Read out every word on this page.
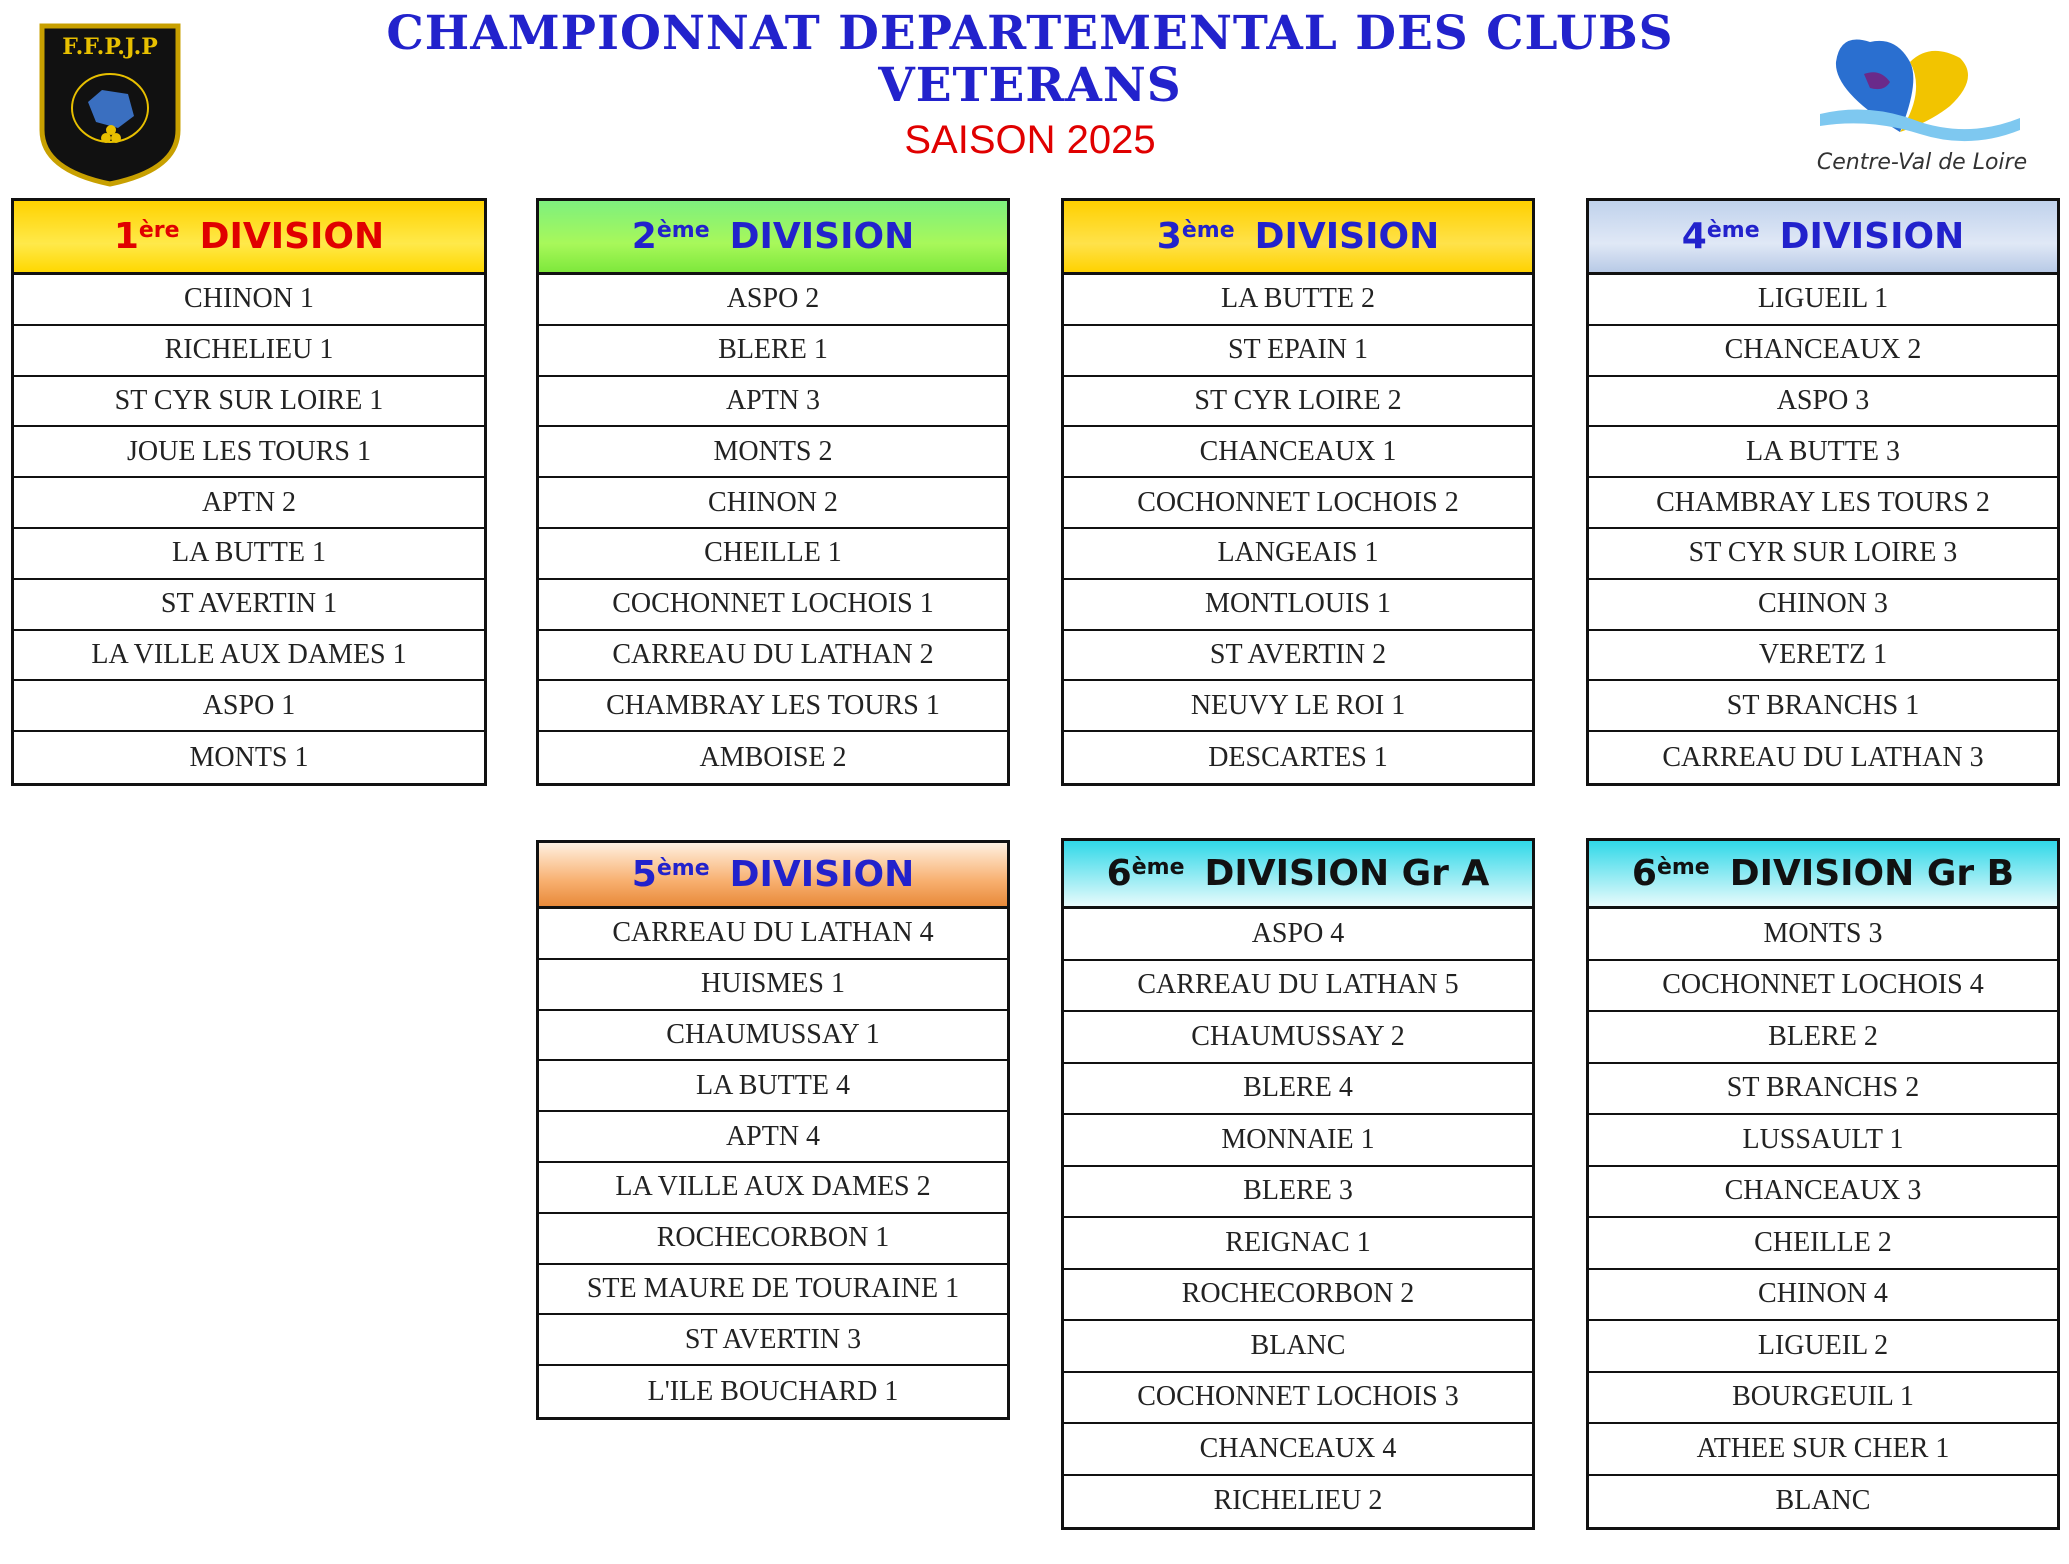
F.F.P.J.P	CHAMPIONNAT DEPARTEMENTAL DES CLUBS
VETERANS
SAISON 2025
Centre-Val de Loire
1ère DIVISION
CHINON 1
RICHELIEU 1
ST CYR SUR LOIRE 1
JOUE LES TOURS 1
APTN 2
LA BUTTE 1
ST AVERTIN 1
LA VILLE AUX DAMES 1
ASPO 1
MONTS 1
2ème DIVISION
ASPO 2
BLERE 1
APTN 3
MONTS 2
CHINON 2
CHEILLE 1
COCHONNET LOCHOIS 1
CARREAU DU LATHAN 2
CHAMBRAY LES TOURS 1
AMBOISE 2
3ème DIVISION
LA BUTTE 2
ST EPAIN 1
ST CYR LOIRE 2
CHANCEAUX 1
COCHONNET LOCHOIS 2
LANGEAIS 1
MONTLOUIS 1
ST AVERTIN 2
NEUVY LE ROI 1
DESCARTES 1
4ème DIVISION
LIGUEIL 1
CHANCEAUX 2
ASPO 3
LA BUTTE 3
CHAMBRAY LES TOURS 2
ST CYR SUR LOIRE 3
CHINON 3
VERETZ 1
ST BRANCHS 1
CARREAU DU LATHAN 3
5ème DIVISION
CARREAU DU LATHAN 4
HUISMES 1
CHAUMUSSAY 1
LA BUTTE 4
APTN 4
LA VILLE AUX DAMES 2
ROCHECORBON 1
STE MAURE DE TOURAINE 1
ST AVERTIN 3
L'ILE BOUCHARD 1
6ème DIVISION Gr A
ASPO 4
CARREAU DU LATHAN 5
CHAUMUSSAY 2
BLERE 4
MONNAIE 1
BLERE 3
REIGNAC 1
ROCHECORBON 2
BLANC
COCHONNET LOCHOIS 3
CHANCEAUX 4
RICHELIEU 2
6ème DIVISION Gr B
MONTS 3
COCHONNET LOCHOIS 4
BLERE 2
ST BRANCHS 2
LUSSAULT 1
CHANCEAUX 3
CHEILLE 2
CHINON 4
LIGUEIL 2
BOURGEUIL 1
ATHEE SUR CHER 1
BLANC
